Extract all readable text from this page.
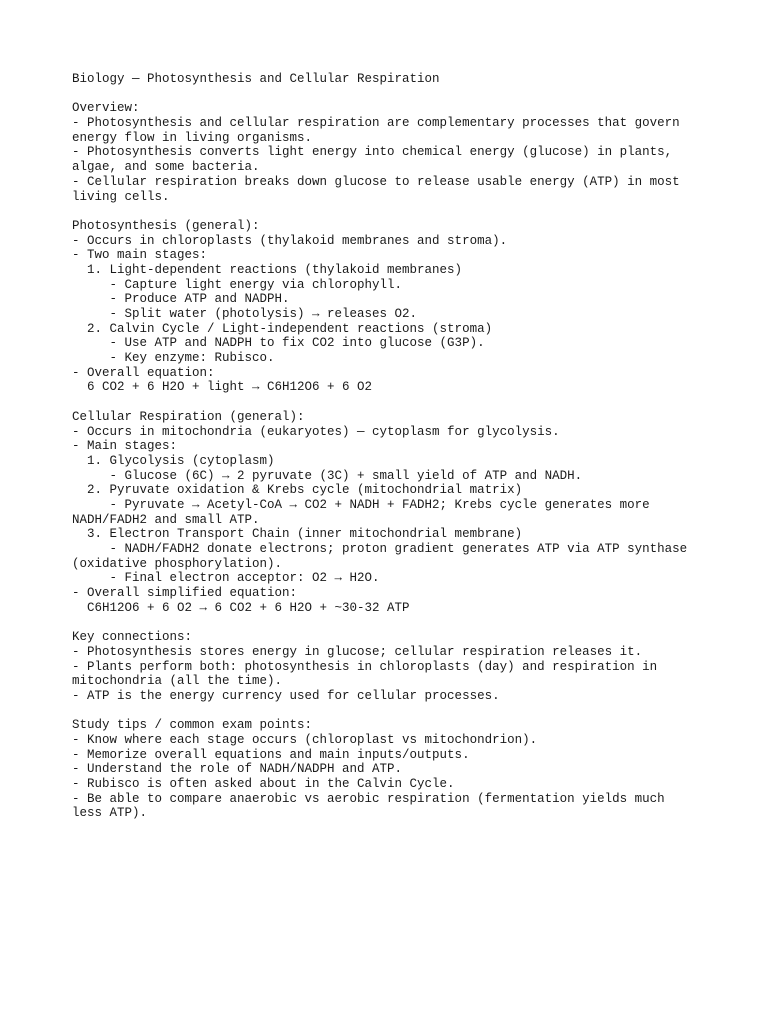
Biology — Photosynthesis and Cellular Respiration
Overview:
- Photosynthesis and cellular respiration are complementary processes that govern
energy flow in living organisms.
- Photosynthesis converts light energy into chemical energy (glucose) in plants,
algae, and some bacteria.
- Cellular respiration breaks down glucose to release usable energy (ATP) in most
living cells.
Photosynthesis (general):
- Occurs in chloroplasts (thylakoid membranes and stroma).
- Two main stages:
1. Light-dependent reactions (thylakoid membranes)
- Capture light energy via chlorophyll.
- Produce ATP and NADPH.
- Split water (photolysis) → releases O2.
2. Calvin Cycle / Light-independent reactions (stroma)
- Use ATP and NADPH to fix CO2 into glucose (G3P).
- Key enzyme: Rubisco.
- Overall equation:
6 CO2 + 6 H2O + light → C6H12O6 + 6 O2
Cellular Respiration (general):
- Occurs in mitochondria (eukaryotes) — cytoplasm for glycolysis.
- Main stages:
1. Glycolysis (cytoplasm)
- Glucose (6C) → 2 pyruvate (3C) + small yield of ATP and NADH.
2. Pyruvate oxidation & Krebs cycle (mitochondrial matrix)
- Pyruvate → Acetyl-CoA → CO2 + NADH + FADH2; Krebs cycle generates more
NADH/FADH2 and small ATP.
3. Electron Transport Chain (inner mitochondrial membrane)
- NADH/FADH2 donate electrons; proton gradient generates ATP via ATP synthase
(oxidative phosphorylation).
- Final electron acceptor: O2 → H2O.
- Overall simplified equation:
C6H12O6 + 6 O2 → 6 CO2 + 6 H2O + ~30-32 ATP
Key connections:
- Photosynthesis stores energy in glucose; cellular respiration releases it.
- Plants perform both: photosynthesis in chloroplasts (day) and respiration in
mitochondria (all the time).
- ATP is the energy currency used for cellular processes.
Study tips / common exam points:
- Know where each stage occurs (chloroplast vs mitochondrion).
- Memorize overall equations and main inputs/outputs.
- Understand the role of NADH/NADPH and ATP.
- Rubisco is often asked about in the Calvin Cycle.
- Be able to compare anaerobic vs aerobic respiration (fermentation yields much
less ATP).
